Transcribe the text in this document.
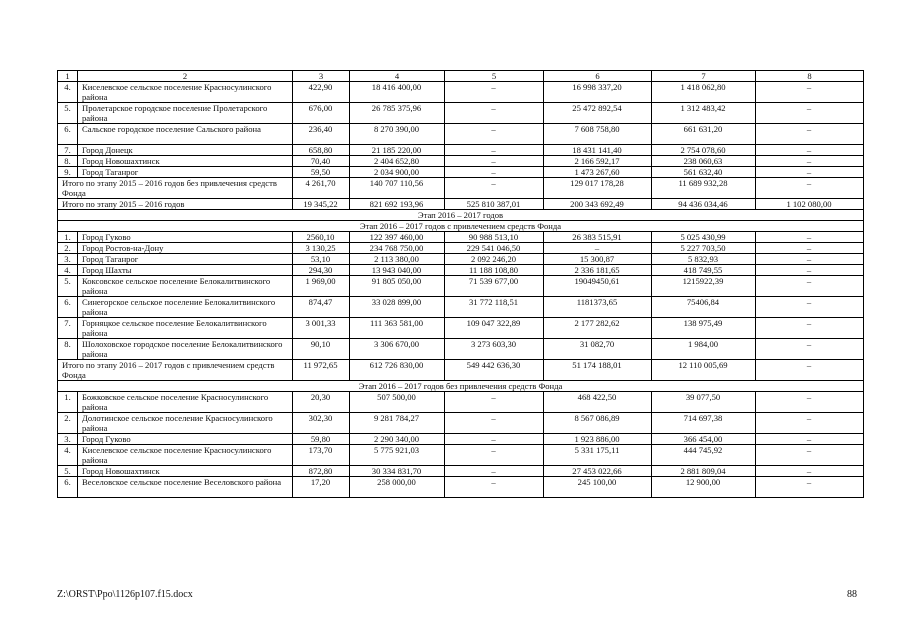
1	2	3	4	5	6	7	8
4.	Киселевское сельское поселение Красносулинского района	422,90	18 416 400,00	–	16 998 337,20	1 418 062,80	–
5.	Пролетарское городское поселение Пролетарского района	676,00	26 785 375,96	–	25 472 892,54	1 312 483,42	–
6.	Сальское городское поселение Сальского района	236,40	8 270 390,00	–	7 608 758,80	661 631,20	–
7.	Город Донецк	658,80	21 185 220,00	–	18 431 141,40	2 754 078,60	–
8.	Город Новошахтинск	70,40	2 404 652,80	–	2 166 592,17	238 060,63	–
9.	Город Таганрог	59,50	2 034 900,00	–	1 473 267,60	561 632,40	–
Итого по этапу 2015 – 2016 годов без привлечения средств Фонда		4 261,70	140 707 110,56	–	129 017 178,28	11 689 932,28	–
Итого по этапу 2015 – 2016 годов		19 345,22	821 692 193,96	525 810 387,01	200 343 692,49	94 436 034,46	1 102 080,00
Этап 2016 – 2017 годов							
Этап 2016 – 2017 годов с привлечением средств Фонда							
1.	Город Гуково	2560,10	122 397 460,00	90 988 513,10	26 383 515,91	5 025 430,99	–
2.	Город Ростов-на-Дону	3 130,25	234 768 750,00	229 541 046,50	–	5 227 703,50	–
3.	Город Таганрог	53,10	2 113 380,00	2 092 246,20	15 300,87	5 832,93	–
4.	Город Шахты	294,30	13 943 040,00	11 188 108,80	2 336 181,65	418 749,55	–
5.	Коксовское сельское поселение Белокалитвинского района	1 969,00	91 805 050,00	71 539 677,00	19049450,61	1215922,39	–
6.	Синегорское сельское поселение Белокалитвинского района	874,47	33 028 899,00	31 772 118,51	1181373,65	75406,84	–
7.	Горняцкое сельское поселение Белокалитвинского района	3 001,33	111 363 581,00	109 047 322,89	2 177 282,62	138 975,49	–
8.	Шолоховское городское поселение Белокалитвинского района	90,10	3 306 670,00	3 273 603,30	31 082,70	1 984,00	–
Итого по этапу 2016 – 2017 годов с привлечением средств Фонда		11 972,65	612 726 830,00	549 442 636,30	51 174 188,01	12 110 005,69	–
Этап 2016 – 2017 годов без привлечения средств Фонда							
1.	Божковское сельское поселение Красносулинского района	20,30	507 500,00	–	468 422,50	39 077,50	–
2.	Долотинское сельское поселение Красносулинского района	302,30	9 281 784,27	–	8 567 086,89	714 697,38	–
3.	Город Гуково	59,80	2 290 340,00	–	1 923 886,00	366 454,00	–
4.	Киселевское сельское поселение Красносулинского района	173,70	5 775 921,03	–	5 331 175,11	444 745,92	–
5.	Город Новошахтинск	872,80	30 334 831,70	–	27 453 022,66	2 881 809,04	–
6.	Веселовское сельское поселение Веселовского района	17,20	258 000,00	–	245 100,00	12 900,00	–
Z:\ORST\Ppo\1126p107.f15.docx	88
